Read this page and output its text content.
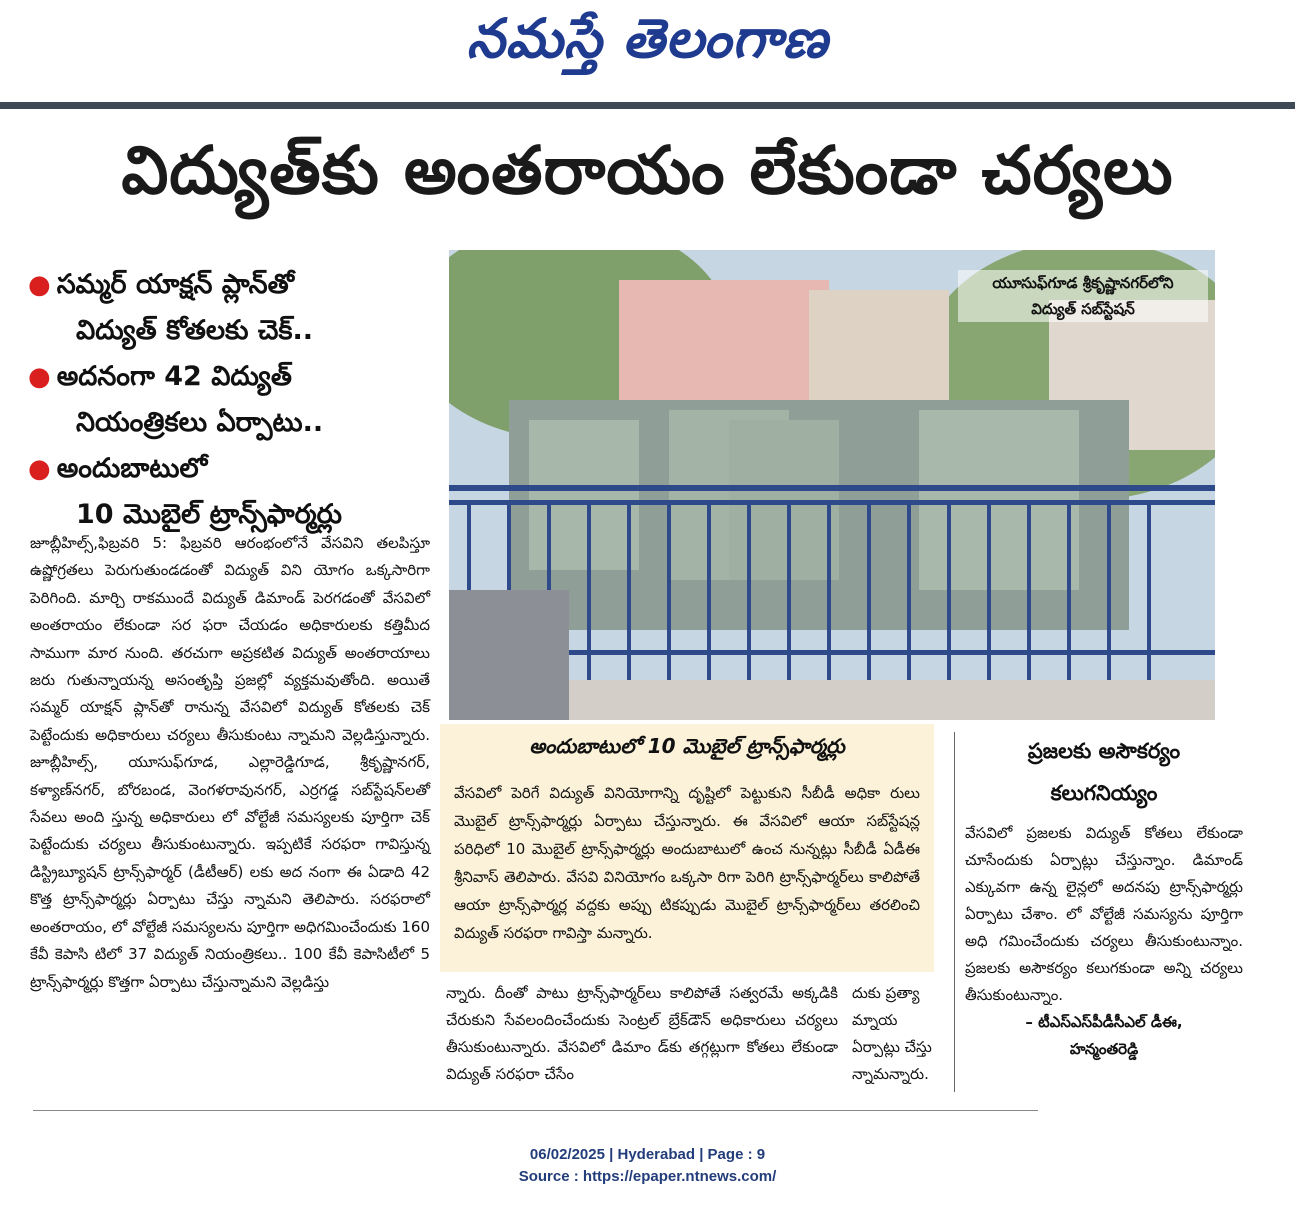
నమస్తే తెలంగాణ
విద్యుత్‌కు అంతరాయం లేకుండా చర్యలు
● సమ్మర్‌ యాక్షన్‌ ప్లాన్‌తో
విద్యుత్‌ కోతలకు చెక్‌..
● అదనంగా 42 విద్యుత్‌
నియంత్రికలు ఏర్పాటు..
● అందుబాటులో
10 మొబైల్‌ ట్రాన్స్‌ఫార్మర్లు
జూబ్లీహిల్స్‌,ఫిబ్రవరి 5: ఫిబ్రవరి ఆరంభంలోనే వేసవిని తలపిస్తూ ఉష్ణోగ్రతలు పెరుగుతుండడంతో విద్యుత్‌ విని యోగం ఒక్కసారిగా పెరిగింది. మార్చి రాకముందే విద్యుత్‌ డిమాండ్‌ పెరగడంతో వేసవిలో అంతరాయం లేకుండా సర ఫరా చేయడం అధికారులకు కత్తిమీద సాముగా మార నుంది. తరచుగా అప్రకటిత విద్యుత్‌ అంతరాయాలు జరు గుతున్నాయన్న అసంతృప్తి ప్రజల్లో వ్యక్తమవుతోంది. అయితే సమ్మర్‌ యాక్షన్‌ ప్లాన్‌తో రానున్న వేసవిలో విద్యుత్‌ కోతలకు చెక్‌ పెట్టేందుకు అధికారులు చర్యలు తీసుకుంటు న్నామని వెల్లడిస్తున్నారు. జూబ్లీహిల్స్‌, యూసుఫ్‌గూడ, ఎల్లారెడ్డిగూడ, శ్రీకృష్ణానగర్‌, కళ్యాణ్‌నగర్‌, బోరబండ, వెంగళరావునగర్‌, ఎర్రగడ్డ సబ్‌స్టేషన్‌లతో సేవలు అంది స్తున్న అధికారులు లో వోల్టేజీ సమస్యలకు పూర్తిగా చెక్‌ పెట్టేందుకు చర్యలు తీసుకుంటున్నారు. ఇప్పటికే సరఫరా గావిస్తున్న డిస్ట్రిబ్యూషన్‌ ట్రాన్స్‌ఫార్మర్‌ (డీటీఆర్‌) లకు అద నంగా ఈ ఏడాది 42 కొత్త ట్రాన్స్‌ఫార్మర్లు ఏర్పాటు చేస్తు న్నామని తెలిపారు. సరఫరాలో అంతరాయం, లో వోల్టేజీ సమస్యలను పూర్తిగా అధిగమించేందుకు 160 కేవీ కెపాసి టిలో 37 విద్యుత్‌ నియంత్రికలు.. 100 కేవీ కెపాసిటీలో 5 ట్రాన్స్‌ఫార్మర్లు కొత్తగా ఏర్పాటు చేస్తున్నామని వెల్లడిస్తు
యూసుఫ్‌గూడ శ్రీకృష్ణానగర్‌లోని
విద్యుత్‌ సబ్‌స్టేషన్‌
అందుబాటులో 10 మొబైల్‌ ట్రాన్స్‌ఫార్మర్లు
వేసవిలో పెరిగే విద్యుత్‌ వినియోగాన్ని దృష్టిలో పెట్టుకుని సీబీడీ అధికా రులు మొబైల్‌ ట్రాన్స్‌ఫార్మర్లు ఏర్పాటు చేస్తున్నారు. ఈ వేసవిలో ఆయా సబ్‌స్టేషన్ల పరిధిలో 10 మొబైల్‌ ట్రాన్స్‌ఫార్మర్లు అందుబాటులో ఉంచ నున్నట్లు సీబీడీ ఏడీఈ శ్రీనివాస్‌ తెలిపారు. వేసవి వినియోగం ఒక్కసా రిగా పెరిగి ట్రాన్స్‌ఫార్మర్‌లు కాలిపోతే ఆయా ట్రాన్స్‌ఫార్మర్ల వద్దకు అప్పు టికప్పుడు మొబైల్‌ ట్రాన్స్‌ఫార్మర్‌లు తరలించి విద్యుత్‌ సరఫరా గావిస్తా మన్నారు.
న్నారు. దీంతో పాటు ట్రాన్స్‌ఫార్మర్‌లు కాలిపోతే సత్వరమే అక్కడికి చేరుకుని సేవలందించేందుకు సెంట్రల్‌ బ్రేక్‌డౌన్‌ అధికారులు చర్యలు తీసుకుంటున్నారు. వేసవిలో డిమాం డ్‌కు తగ్గట్లుగా కోతలు లేకుండా విద్యుత్‌ సరఫరా చేసేం
దుకు ప్రత్యా మ్నాయ ఏర్పాట్లు చేస్తు న్నామన్నారు.
ప్రజలకు అసౌకర్యం
కలుగనియ్యం
వేసవిలో ప్రజలకు విద్యుత్‌ కోతలు లేకుండా చూసేందుకు ఏర్పాట్లు చేస్తున్నాం. డిమాండ్‌ ఎక్కువగా ఉన్న లైన్లలో అదనపు ట్రాన్స్‌ఫార్మర్లు ఏర్పాటు చేశాం. లో వోల్టేజీ సమస్యను పూర్తిగా అధి గమించేందుకు చర్యలు తీసుకుంటున్నాం. ప్రజలకు అసౌకర్యం కలుగకుండా అన్ని చర్యలు తీసుకుంటున్నాం.
– టీఎస్‌ఎస్‌పీడీసీఎల్‌ డీఈ,
హన్మంతరెడ్డి
06/02/2025 | Hyderabad | Page : 9
Source : https://epaper.ntnews.com/
